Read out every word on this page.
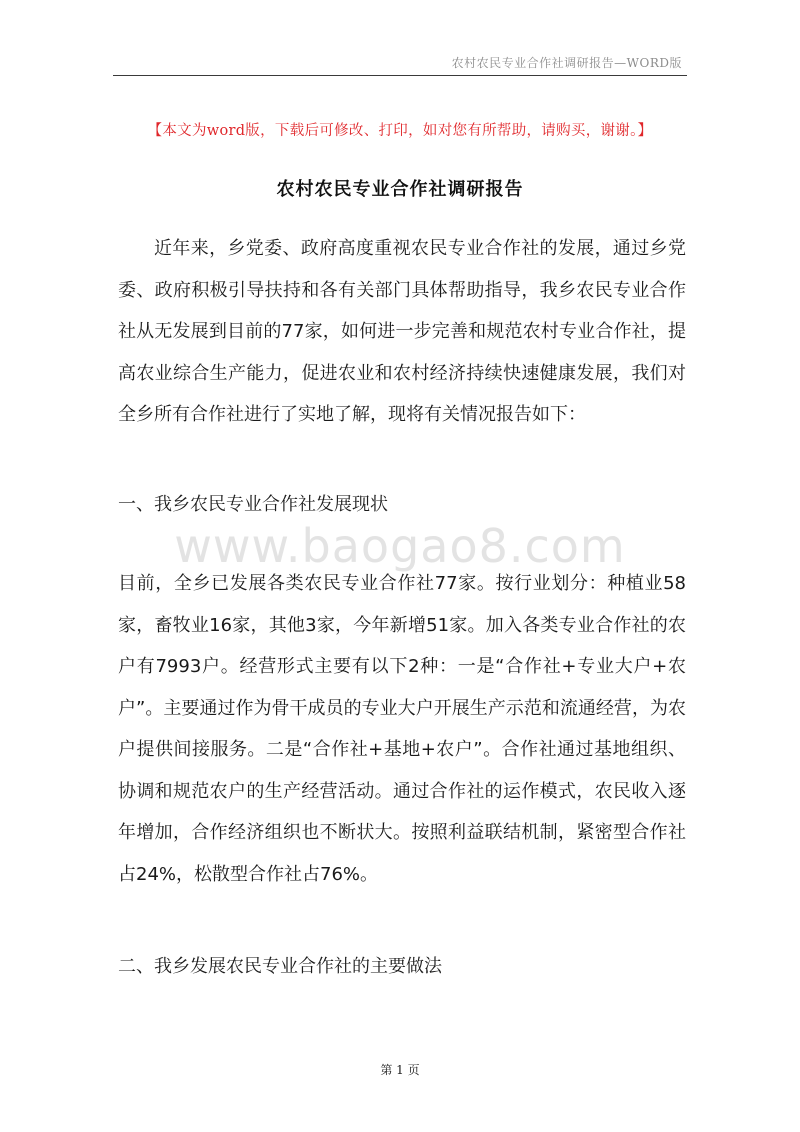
农村农民专业合作社调研报告—WORD版
【本文为word版，下载后可修改、打印，如对您有所帮助，请购买，谢谢。】
农村农民专业合作社调研报告

近年来，乡党委、政府高度重视农民专业合作社的发展，通过乡党委、政府积极引导扶持和各有关部门具体帮助指导，我乡农民专业合作社从无发展到目前的77家，如何进一步完善和规范农村专业合作社，提高农业综合生产能力，促进农业和农村经济持续快速健康发展，我们对全乡所有合作社进行了实地了解，现将有关情况报告如下：

一、我乡农民专业合作社发展现状
www.baogao8.com

目前，全乡已发展各类农民专业合作社77家。按行业划分：种植业58家，畜牧业16家，其他3家，今年新增51家。加入各类专业合作社的农户有7993户。经营形式主要有以下2种：一是“合作社+专业大户+农户”。主要通过作为骨干成员的专业大户开展生产示范和流通经营，为农户提供间接服务。二是“合作社+基地+农户”。合作社通过基地组织、协调和规范农户的生产经营活动。通过合作社的运作模式，农民收入逐年增加，合作经济组织也不断状大。按照利益联结机制，紧密型合作社占24%，松散型合作社占76%。

二、我乡发展农民专业合作社的主要做法
第 1 页
